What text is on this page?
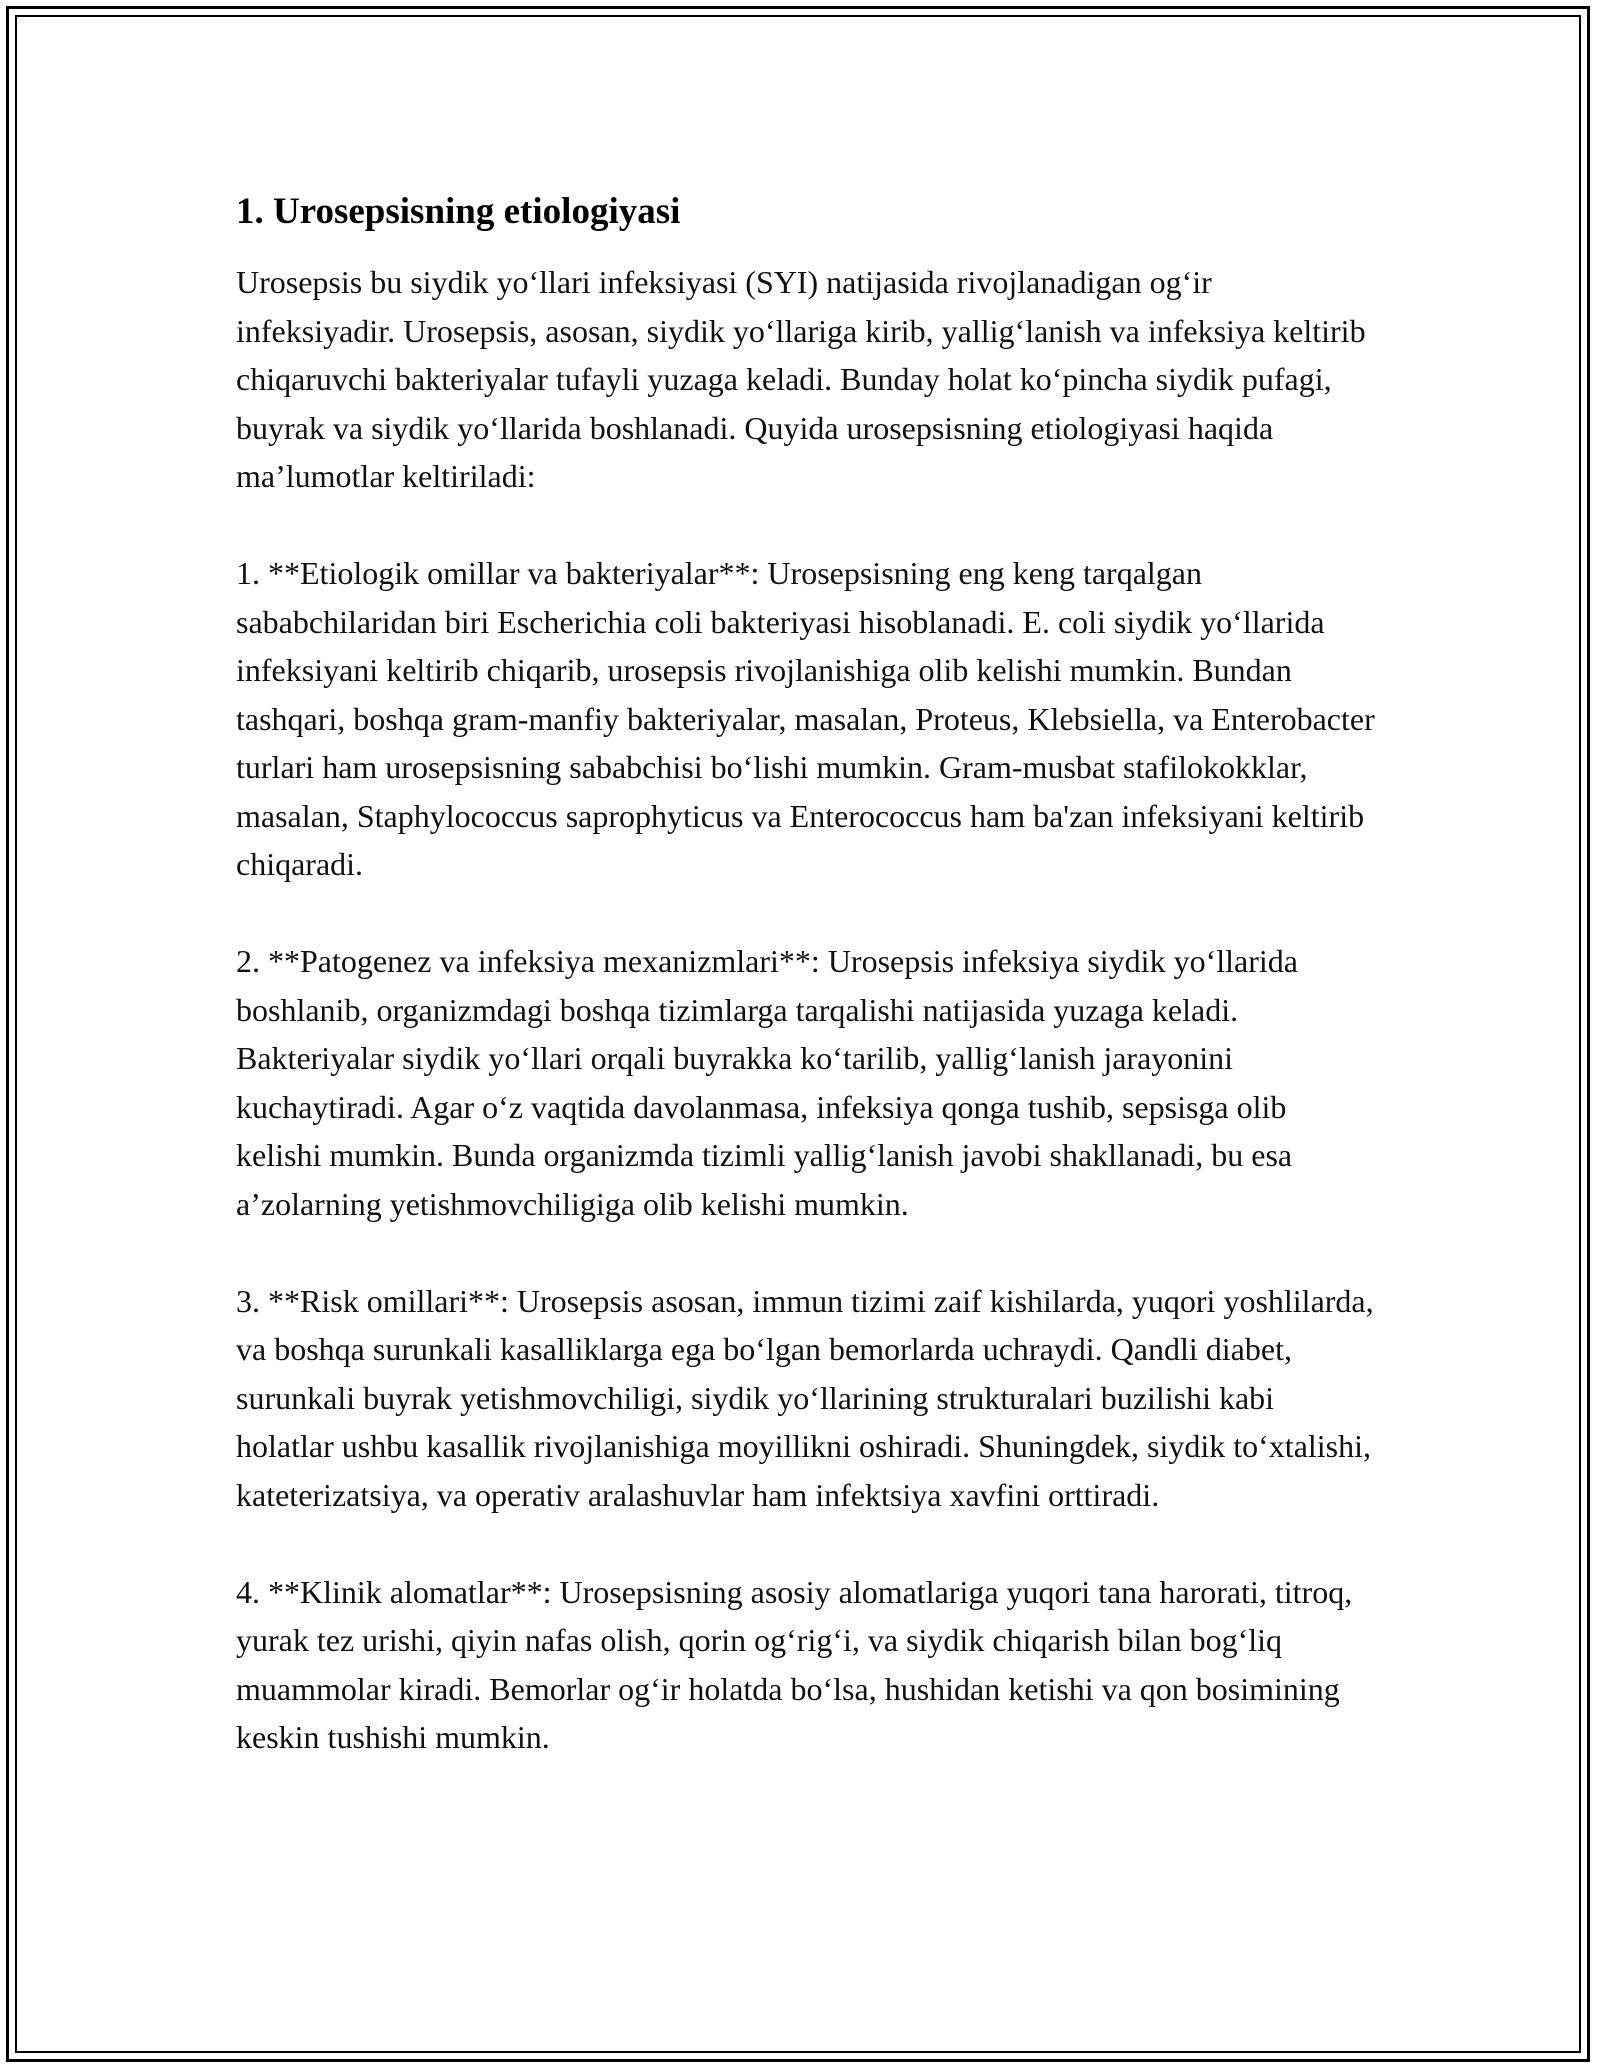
1. Urosepsisning etiologiyasi

Urosepsis bu siydik yo‘llari infeksiyasi (SYI) natijasida rivojlanadigan og‘ir infeksiyadir. Urosepsis, asosan, siydik yo‘llariga kirib, yallig‘lanish va infeksiya keltirib chiqaruvchi bakteriyalar tufayli yuzaga keladi. Bunday holat ko‘pincha siydik pufagi, buyrak va siydik yo‘llarida boshlanadi. Quyida urosepsisning etiologiyasi haqida ma’lumotlar keltiriladi:

1. **Etiologik omillar va bakteriyalar**: Urosepsisning eng keng tarqalgan sababchilaridan biri Escherichia coli bakteriyasi hisoblanadi. E. coli siydik yo‘llarida infeksiyani keltirib chiqarib, urosepsis rivojlanishiga olib kelishi mumkin. Bundan tashqari, boshqa gram-manfiy bakteriyalar, masalan, Proteus, Klebsiella, va Enterobacter turlari ham urosepsisning sababchisi bo‘lishi mumkin. Gram-musbat stafilokokklar, masalan, Staphylococcus saprophyticus va Enterococcus ham ba'zan infeksiyani keltirib chiqaradi.

2. **Patogenez va infeksiya mexanizmlari**: Urosepsis infeksiya siydik yo‘llarida boshlanib, organizmdagi boshqa tizimlarga tarqalishi natijasida yuzaga keladi. Bakteriyalar siydik yo‘llari orqali buyrakka ko‘tarilib, yallig‘lanish jarayonini kuchaytiradi. Agar o‘z vaqtida davolanmasa, infeksiya qonga tushib, sepsisga olib kelishi mumkin. Bunda organizmda tizimli yallig‘lanish javobi shakllanadi, bu esa a’zolarning yetishmovchiligiga olib kelishi mumkin.

3. **Risk omillari**: Urosepsis asosan, immun tizimi zaif kishilarda, yuqori yoshlilarda, va boshqa surunkali kasalliklarga ega bo‘lgan bemorlarda uchraydi. Qandli diabet, surunkali buyrak yetishmovchiligi, siydik yo‘llarining strukturalari buzilishi kabi holatlar ushbu kasallik rivojlanishiga moyillikni oshiradi. Shuningdek, siydik to‘xtalishi, kateterizatsiya, va operativ aralashuvlar ham infektsiya xavfini orttiradi.

4. **Klinik alomatlar**: Urosepsisning asosiy alomatlariga yuqori tana harorati, titroq, yurak tez urishi, qiyin nafas olish, qorin og‘rig‘i, va siydik chiqarish bilan bog‘liq muammolar kiradi. Bemorlar og‘ir holatda bo‘lsa, hushidan ketishi va qon bosimining keskin tushishi mumkin.
